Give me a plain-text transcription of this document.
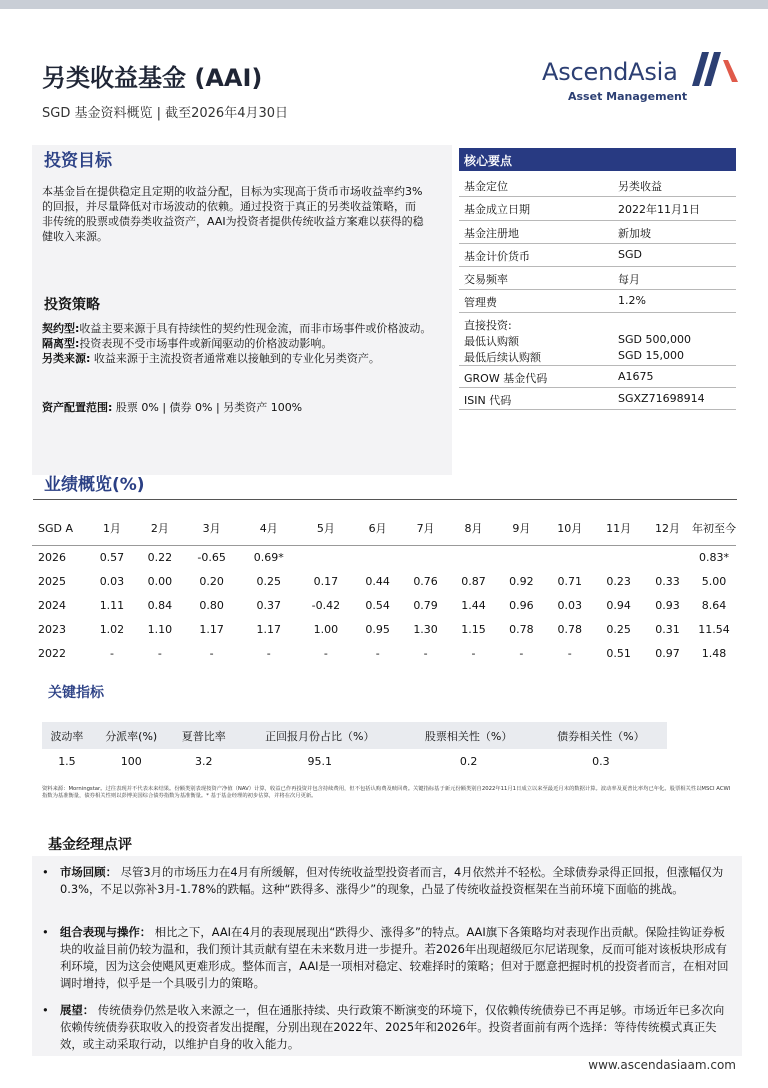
另类收益基金 (AAI)
SGD 基金资料概览 | 截至2026年4月30日
AscendAsia
Asset Management
投资目标
本基金旨在提供稳定且定期的收益分配，目标为实现高于货币市场收益率约3%的回报，并尽量降低对市场波动的依赖。通过投资于真正的另类收益策略，而非传统的股票或债券类收益资产，AAI为投资者提供传统收益方案难以获得的稳健收入来源。
投资策略
契约型:收益主要来源于具有持续性的契约性现金流，而非市场事件或价格波动。
隔离型:投资表现不受市场事件或新闻驱动的价格波动影响。
另类来源: 收益来源于主流投资者通常难以接触到的专业化另类资产。
资产配置范围: 股票 0% | 债券 0% | 另类资产 100%
核心要点
基金定位	另类收益
基金成立日期	2022年11月1日
基金注册地	新加坡
基金计价货币	SGD
交易频率	每月
管理费	1.2%
直接投资:
最低认购额	SGD 500,000
最低后续认购额	SGD 15,000
GROW 基金代码	A1675
ISIN 代码	SGXZ71698914
业绩概览(%)
SGD A	1月	2月	3月	4月	5月	6月	7月	8月	9月	10月	11月	12月	年初至今
2026	0.57	0.22	-0.65	0.69*									0.83*
2025	0.03	0.00	0.20	0.25	0.17	0.44	0.76	0.87	0.92	0.71	0.23	0.33	5.00
2024	1.11	0.84	0.80	0.37	-0.42	0.54	0.79	1.44	0.96	0.03	0.94	0.93	8.64
2023	1.02	1.10	1.17	1.17	1.00	0.95	1.30	1.15	0.78	0.78	0.25	0.31	11.54
2022	-	-	-	-	-	-	-	-	-	-	0.51	0.97	1.48
关键指标
波动率	分派率(%)	夏普比率	正回报月份占比（%）	股票相关性（%）	债券相关性（%）
1.5	100	3.2	95.1	0.2	0.3
资料来源：Morningstar。过往表现并不代表未来结果。份额类别表现按资产净值（NAV）计算，收益已作再投资并包含持续费用，但不包括认购费及赎回费。关键指标基于新元份额类别自2022年11月1日成立以来至最近月末的数据计算。波动率及夏普比率均已年化。股票相关性以MSCI ACWI指数为基准衡量，债券相关性则以彭博美国综合债券指数为基准衡量。* 基于基金经理的初步估算，并将在次月更新。
基金经理点评
• 市场回顾： 尽管3月的市场压力在4月有所缓解，但对传统收益型投资者而言，4月依然并不轻松。全球债券录得正回报，但涨幅仅为0.3%，不足以弥补3月-1.78%的跌幅。这种“跌得多、涨得少”的现象，凸显了传统收益投资框架在当前环境下面临的挑战。
• 组合表现与操作： 相比之下，AAI在4月的表现展现出“跌得少、涨得多”的特点。AAI旗下各策略均对表现作出贡献。保险挂钩证券板块的收益目前仍较为温和，我们预计其贡献有望在未来数月进一步提升。若2026年出现超级厄尔尼诺现象，反而可能对该板块形成有利环境，因为这会使飓风更难形成。整体而言，AAI是一项相对稳定、较难择时的策略；但对于愿意把握时机的投资者而言，在相对回调时增持，似乎是一个具吸引力的策略。
• 展望： 传统债券仍然是收入来源之一，但在通胀持续、央行政策不断演变的环境下，仅依赖传统债券已不再足够。市场近年已多次向依赖传统债券获取收入的投资者发出提醒，分别出现在2022年、2025年和2026年。投资者面前有两个选择：等待传统模式真正失效，或主动采取行动，以维护自身的收入能力。
www.ascendasiaam.com
